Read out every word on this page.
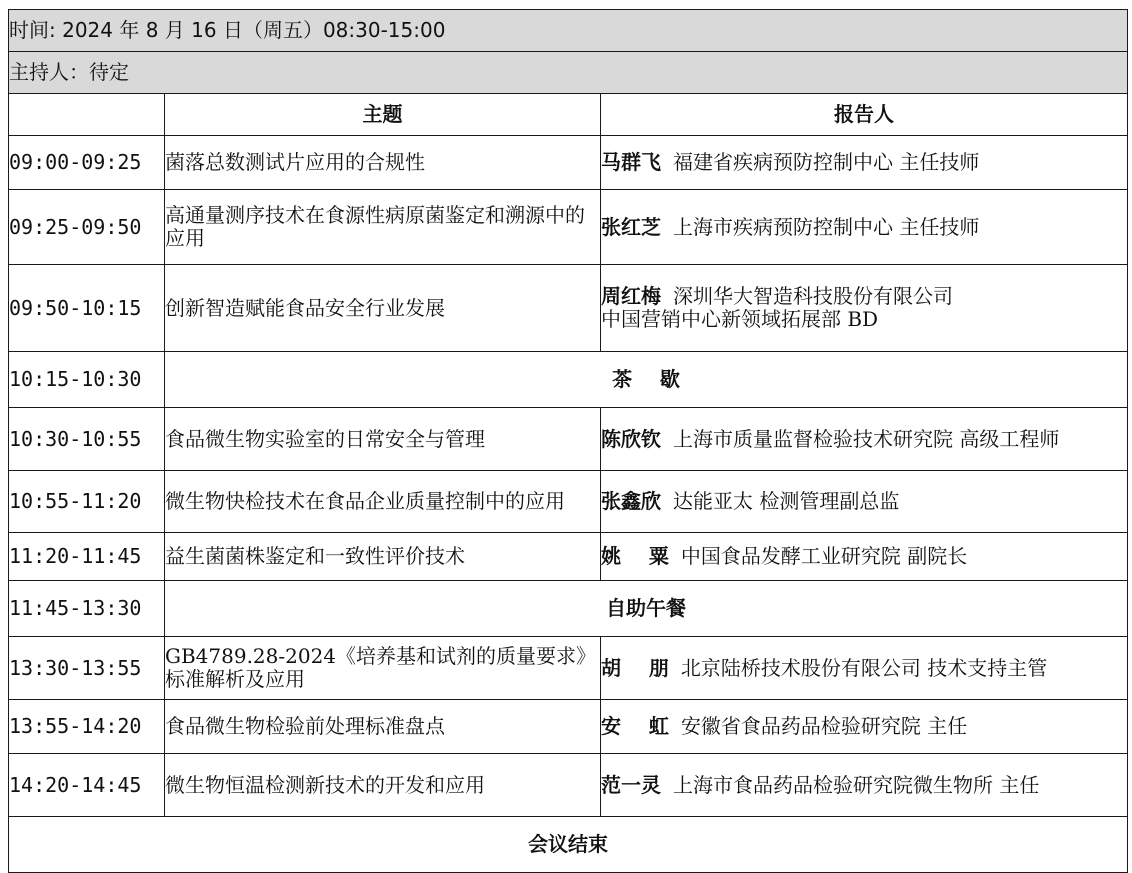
时间: 2024 年 8 月 16 日（周五）08:30-15:00		
主持人：待定		
	主题	报告人
09:00-09:25	菌落总数测试片应用的合规性	马群飞 福建省疾病预防控制中心 主任技师
09:25-09:50	高通量测序技术在食源性病原菌鉴定和溯源中的应用	张红芝 上海市疾病预防控制中心 主任技师
09:50-10:15	创新智造赋能食品安全行业发展	周红梅 深圳华大智造科技股份有限公司
中国营销中心新领域拓展部 BD
10:15-10:30	茶    歇	
10:30-10:55	食品微生物实验室的日常安全与管理	陈欣钦 上海市质量监督检验技术研究院 高级工程师
10:55-11:20	微生物快检技术在食品企业质量控制中的应用	张鑫欣 达能亚太 检测管理副总监
11:20-11:45	益生菌菌株鉴定和一致性评价技术	姚    粟 中国食品发酵工业研究院 副院长
11:45-13:30	自助午餐	
13:30-13:55	GB4789.28-2024《培养基和试剂的质量要求》标准解析及应用	胡    朋 北京陆桥技术股份有限公司 技术支持主管
13:55-14:20	食品微生物检验前处理标准盘点	安    虹 安徽省食品药品检验研究院 主任
14:20-14:45	微生物恒温检测新技术的开发和应用	范一灵 上海市食品药品检验研究院微生物所 主任
会议结束		
